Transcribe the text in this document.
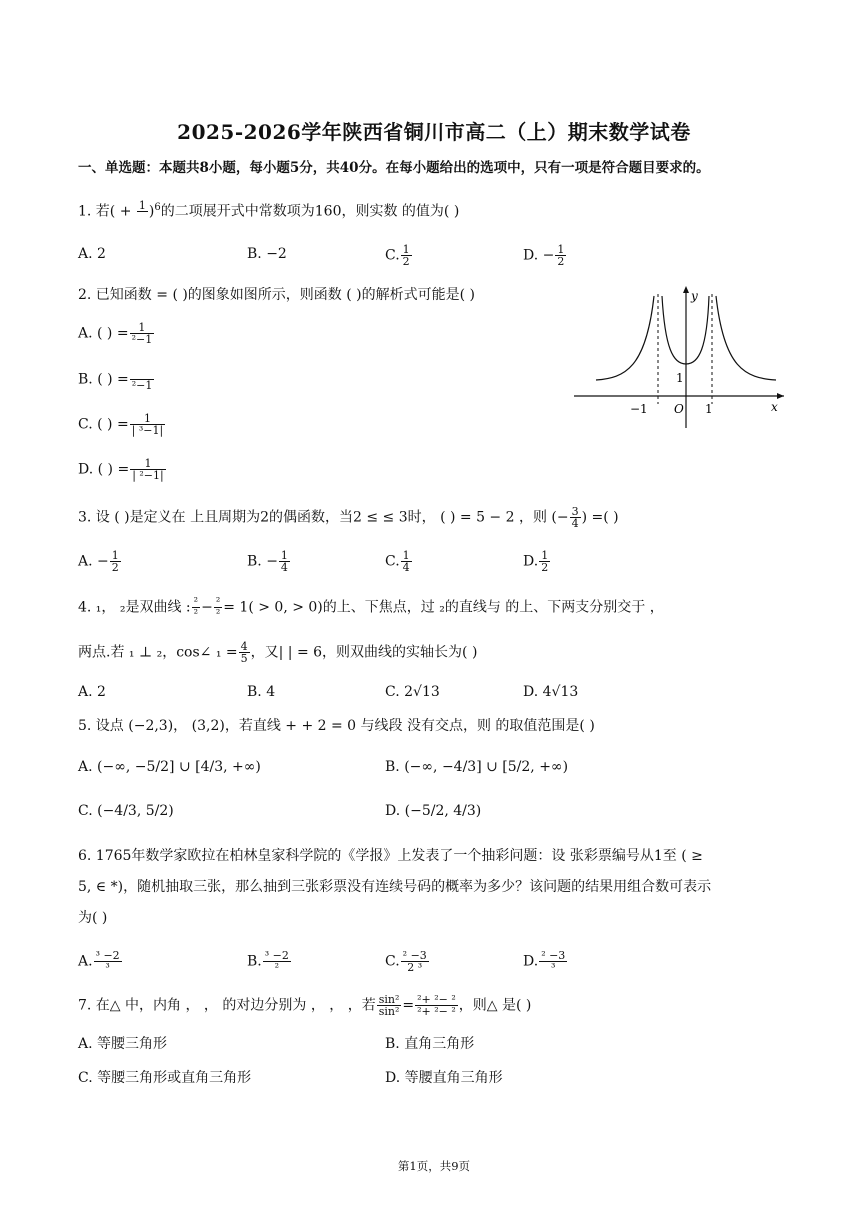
2025-2026学年陕西省铜川市高二（上）期末数学试卷
一、单选题：本题共8小题，每小题5分，共40分。在每小题给出的选项中，只有一项是符合题目要求的。
1. 若( + 1 )$^6$的二项展开式中常数项为160，则实数 的值为( )
A. 2	B. −2	C. $\frac{1}{2}$	D. − $\frac{1}{2}$
2. 已知函数 = ( )的图象如图所示，则函数 ( )的解析式可能是( )
A. ( ) = $\frac{1}{\text{²−1}}$
B. ( ) = ²−1
C. ( ) = $\frac{1}{\text{| ³−1|}}$
D. ( ) = $\frac{1}{\text{| ²−1|}}$
y
x
O 1
−1
1
3. 设 ( )是定义在 上且周期为2的偶函数，当2 ≤ ≤ 3时， ( ) = 5 − 2 ，则 (− $\frac{3}{4}$ ) =( )
A. − $\frac{1}{2}$	B. − $\frac{1}{4}$	C. $\frac{1}{4}$	D. $\frac{1}{2}$
4. ₁， ₂是双曲线 : $\frac{\text{²}}{\text{²}} - \frac{\text{²}}{\text{²}} = 1( > 0$, > 0)的上、下焦点，过 ₂的直线与 的上、下两支分别交于 ，
两点.若 ₁ ⊥ ₂，cos∠ $_1 = \frac{4}{5}$ ，又| | = 6，则双曲线的实轴长为( )
A. 2	B. 4	C. 2√13	D. 4√13
5. 设点 (−2,3)， (3,2)，若直线 + + 2 = 0 与线段 没有交点，则 的取值范围是( )
A. (−∞, −5/2] ∪ [4/3, +∞)	B. (−∞, −4/3] ∪ [5/2, +∞)
C. (−4/3, 5/2)	D. (−5/2, 4/3)
6. 1765年数学家欧拉在柏林皇家科学院的《学报》上发表了一个抽彩问题：设 张彩票编号从1至 ( ≥
5, ∈ *)，随机抽取三张，那么抽到三张彩票没有连续号码的概率为多少？该问题的结果用组合数可表示
为( )
A. $\frac{\text{³ −2}}{\text{³}}$	B. $\frac{\text{³ −2}}{\text{²}}$	C. $\frac{\text{² −3}}{\text{2 ³}}$	D. $\frac{\text{² −3}}{\text{³}}$
7. 在△ 中，内角 ， ， 的对边分别为 ， ， ，若 $\frac{\text{sin²}}{\text{sin²}} = \frac{\text{²+ ²− ²}}{\text{²+ ²− ²}}$ ，则△ 是( )
A. 等腰三角形	B. 直角三角形
C. 等腰三角形或直角三角形	D. 等腰直角三角形
第1页，共9页
